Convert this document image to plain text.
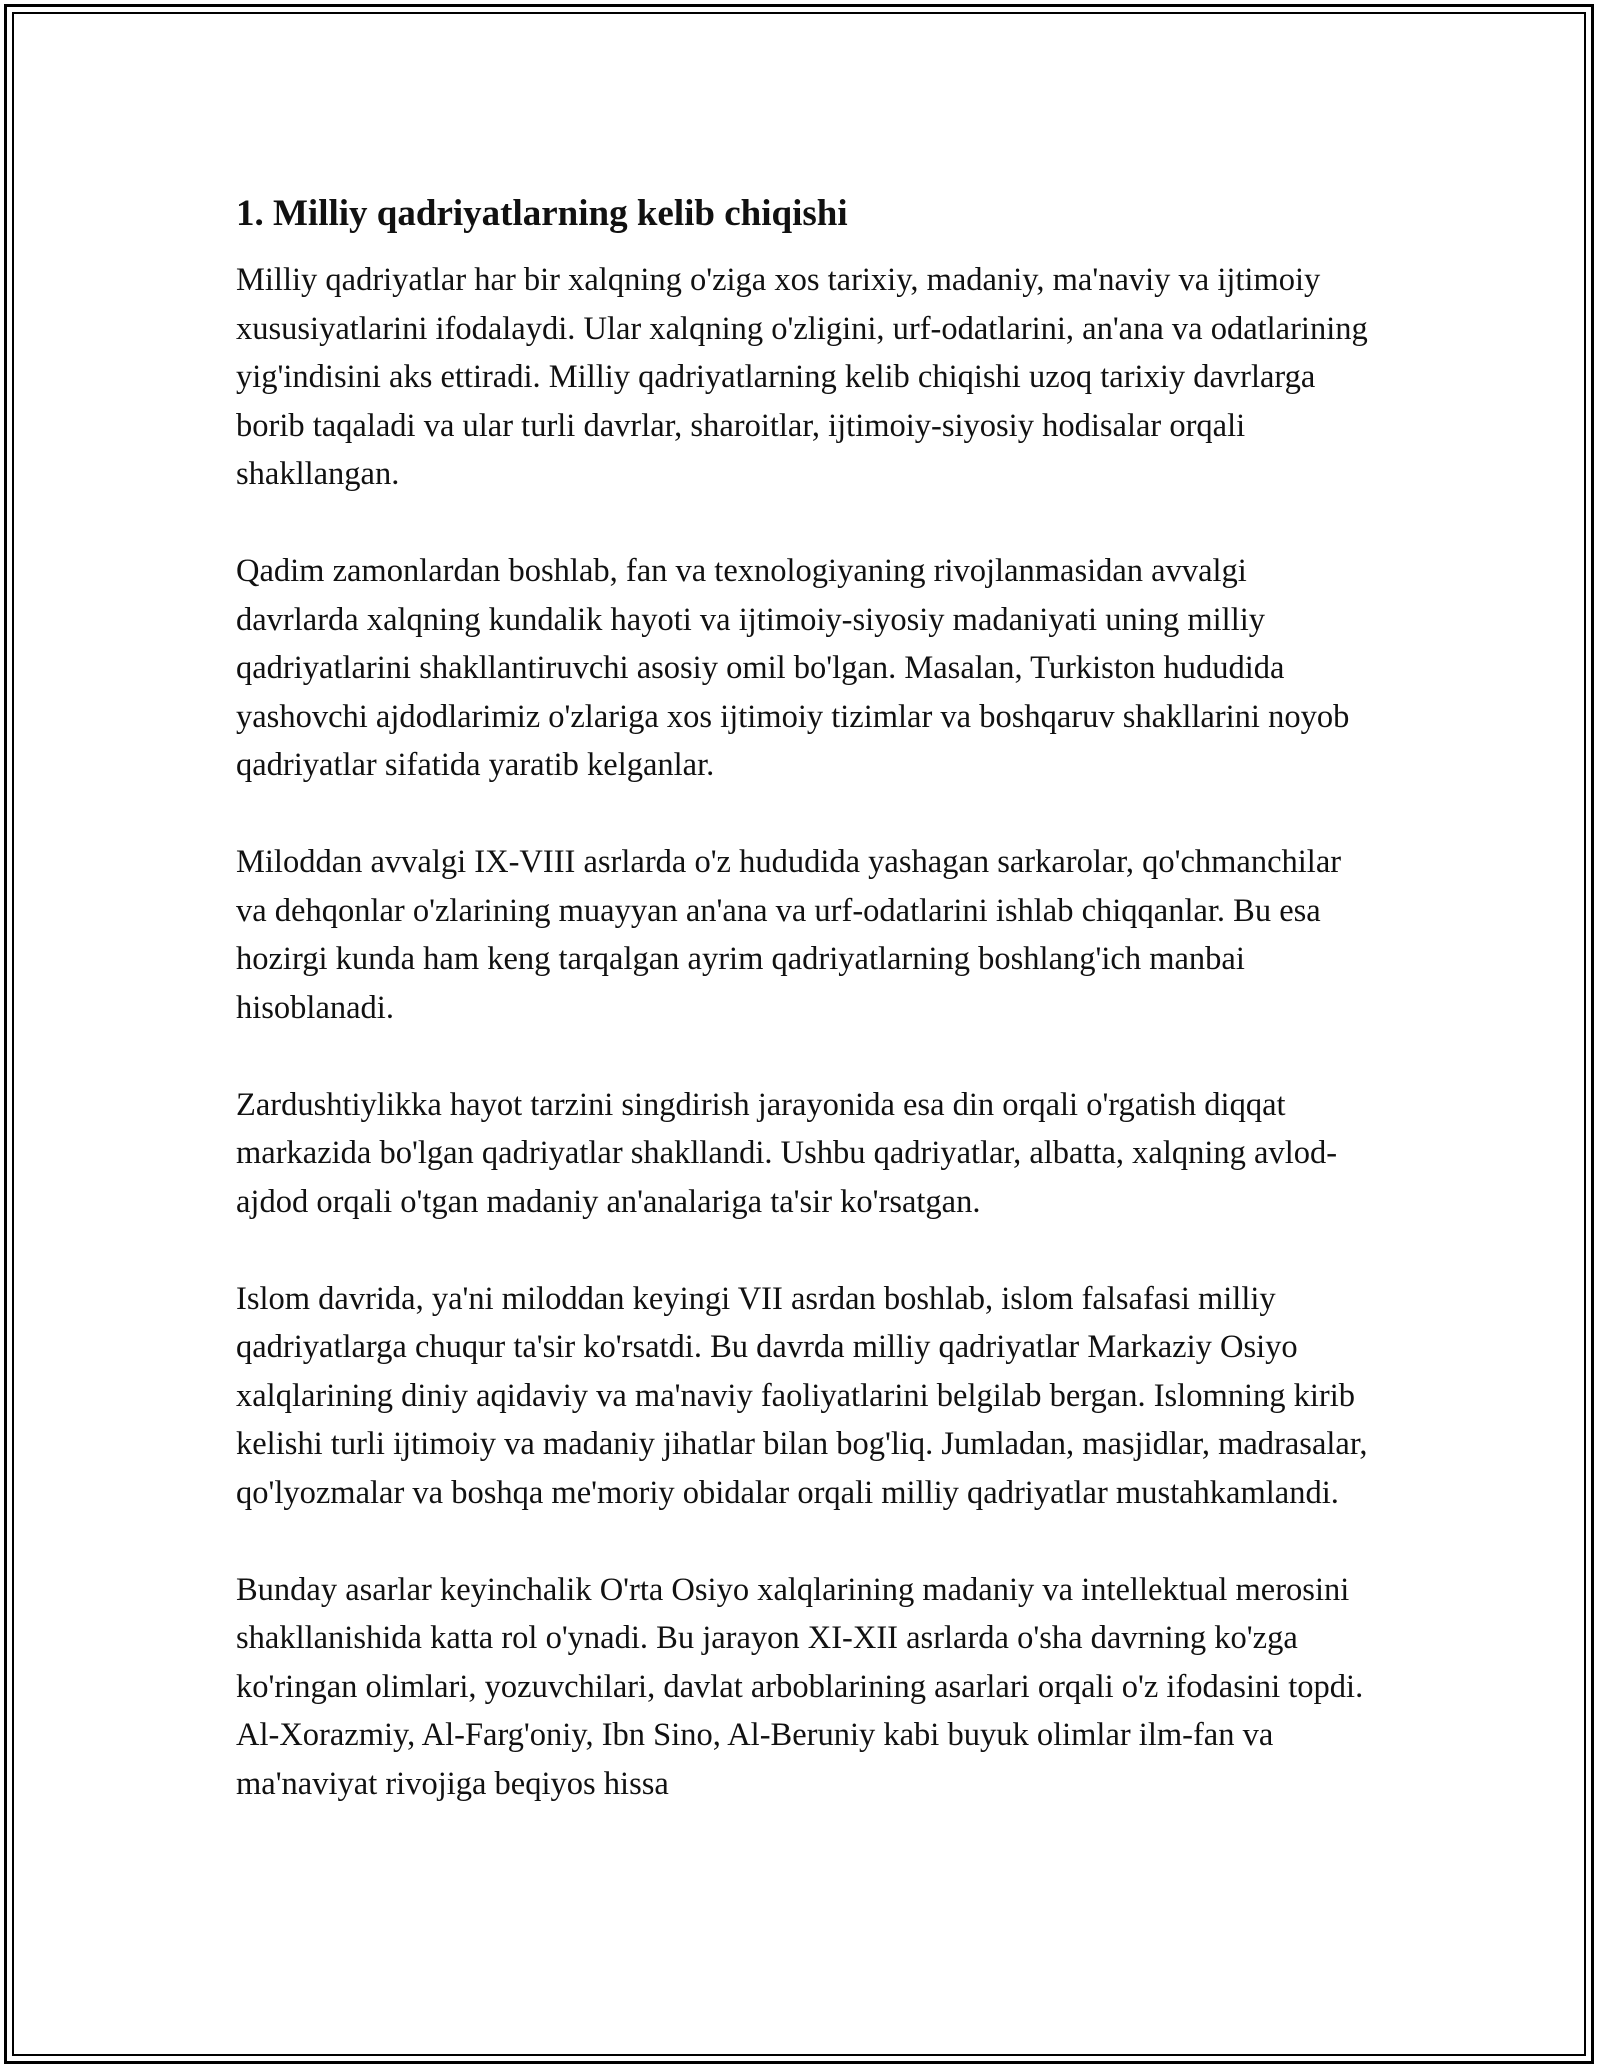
1. Milliy qadriyatlarning kelib chiqishi

Milliy qadriyatlar har bir xalqning o'ziga xos tarixiy, madaniy, ma'naviy va ijtimoiy xususiyatlarini ifodalaydi. Ular xalqning o'zligini, urf-odatlarini, an'ana va odatlarining yig'indisini aks ettiradi. Milliy qadriyatlarning kelib chiqishi uzoq tarixiy davrlarga borib taqaladi va ular turli davrlar, sharoitlar, ijtimoiy-siyosiy hodisalar orqali shakllangan.

Qadim zamonlardan boshlab, fan va texnologiyaning rivojlanmasidan avvalgi davrlarda xalqning kundalik hayoti va ijtimoiy-siyosiy madaniyati uning milliy qadriyatlarini shakllantiruvchi asosiy omil bo'lgan. Masalan, Turkiston hududida yashovchi ajdodlarimiz o'zlariga xos ijtimoiy tizimlar va boshqaruv shakllarini noyob qadriyatlar sifatida yaratib kelganlar.

Miloddan avvalgi IX-VIII asrlarda o'z hududida yashagan sarkarolar, qo'chmanchilar va dehqonlar o'zlarining muayyan an'ana va urf-odatlarini ishlab chiqqanlar. Bu esa hozirgi kunda ham keng tarqalgan ayrim qadriyatlarning boshlang'ich manbai hisoblanadi.

Zardushtiylikka hayot tarzini singdirish jarayonida esa din orqali o'rgatish diqqat markazida bo'lgan qadriyatlar shakllandi. Ushbu qadriyatlar, albatta, xalqning avlod-ajdod orqali o'tgan madaniy an'analariga ta'sir ko'rsatgan.

Islom davrida, ya'ni miloddan keyingi VII asrdan boshlab, islom falsafasi milliy qadriyatlarga chuqur ta'sir ko'rsatdi. Bu davrda milliy qadriyatlar Markaziy Osiyo xalqlarining diniy aqidaviy va ma'naviy faoliyatlarini belgilab bergan. Islomning kirib kelishi turli ijtimoiy va madaniy jihatlar bilan bog'liq. Jumladan, masjidlar, madrasalar, qo'lyozmalar va boshqa me'moriy obidalar orqali milliy qadriyatlar mustahkamlandi.

Bunday asarlar keyinchalik O'rta Osiyo xalqlarining madaniy va intellektual merosini shakllanishida katta rol o'ynadi. Bu jarayon XI-XII asrlarda o'sha davrning ko'zga ko'ringan olimlari, yozuvchilari, davlat arboblarining asarlari orqali o'z ifodasini topdi. Al-Xorazmiy, Al-Farg'oniy, Ibn Sino, Al-Beruniy kabi buyuk olimlar ilm-fan va ma'naviyat rivojiga beqiyos hissa
